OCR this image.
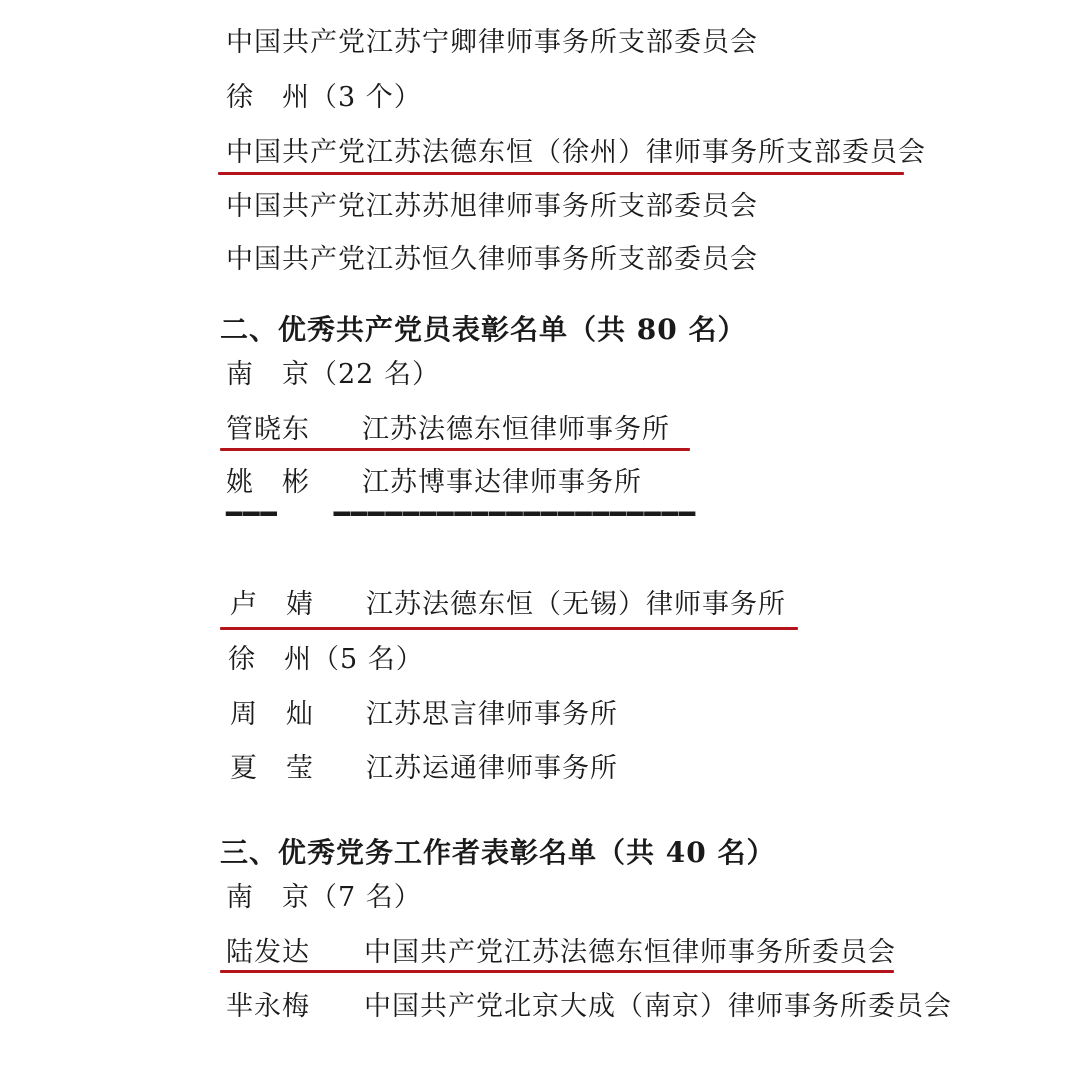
中国共产党江苏宁卿律师事务所支部委员会
徐　州（3 个）
中国共产党江苏法德东恒（徐州）律师事务所支部委员会
中国共产党江苏苏旭律师事务所支部委员会
中国共产党江苏恒久律师事务所支部委员会
二、优秀共产党员表彰名单（共 80 名）
南　京（22 名）
管晓东 江苏法德东恒律师事务所
姚　彬 江苏博事达律师事务所
━━━　　━━━━━━━━━━━━━━━━━━━━━
卢　婧 江苏法德东恒（无锡）律师事务所
徐　州（5 名）
周　灿 江苏思言律师事务所
夏　莹 江苏运通律师事务所
三、优秀党务工作者表彰名单（共 40 名）
南　京（7 名）
陆发达 中国共产党江苏法德东恒律师事务所委员会
芈永梅 中国共产党北京大成（南京）律师事务所委员会
